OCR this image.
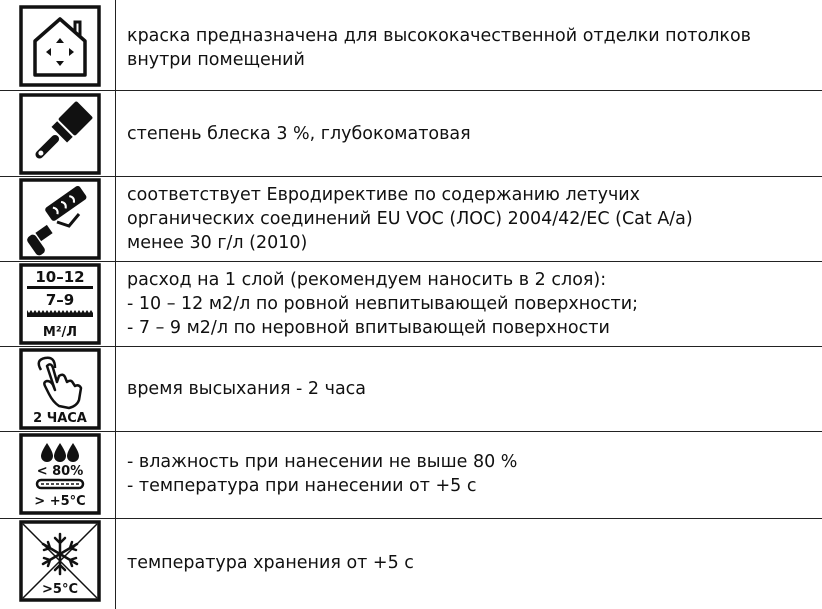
краска предназначена для высококачественной отделки потолков
внутри помещений
степень блеска 3 %, глубокоматовая
соответствует Евродирективе по содержанию летучих
органических соединений EU VOC (ЛОС) 2004/42/EC (Cat A/a)
менее 30 г/л (2010)
10–12
7–9
М²/Л
расход на 1 слой (рекомендуем наносить в 2 слоя):
- 10 – 12 м2/л по ровной невпитывающей поверхности;
- 7 – 9 м2/л по неровной впитывающей поверхности
2 ЧАСА
время высыхания - 2 часа
< 80%
> +5°C
- влажность при нанесении не выше 80 %
- температура при нанесении от +5 с
>5°C
температура хранения от +5 с
